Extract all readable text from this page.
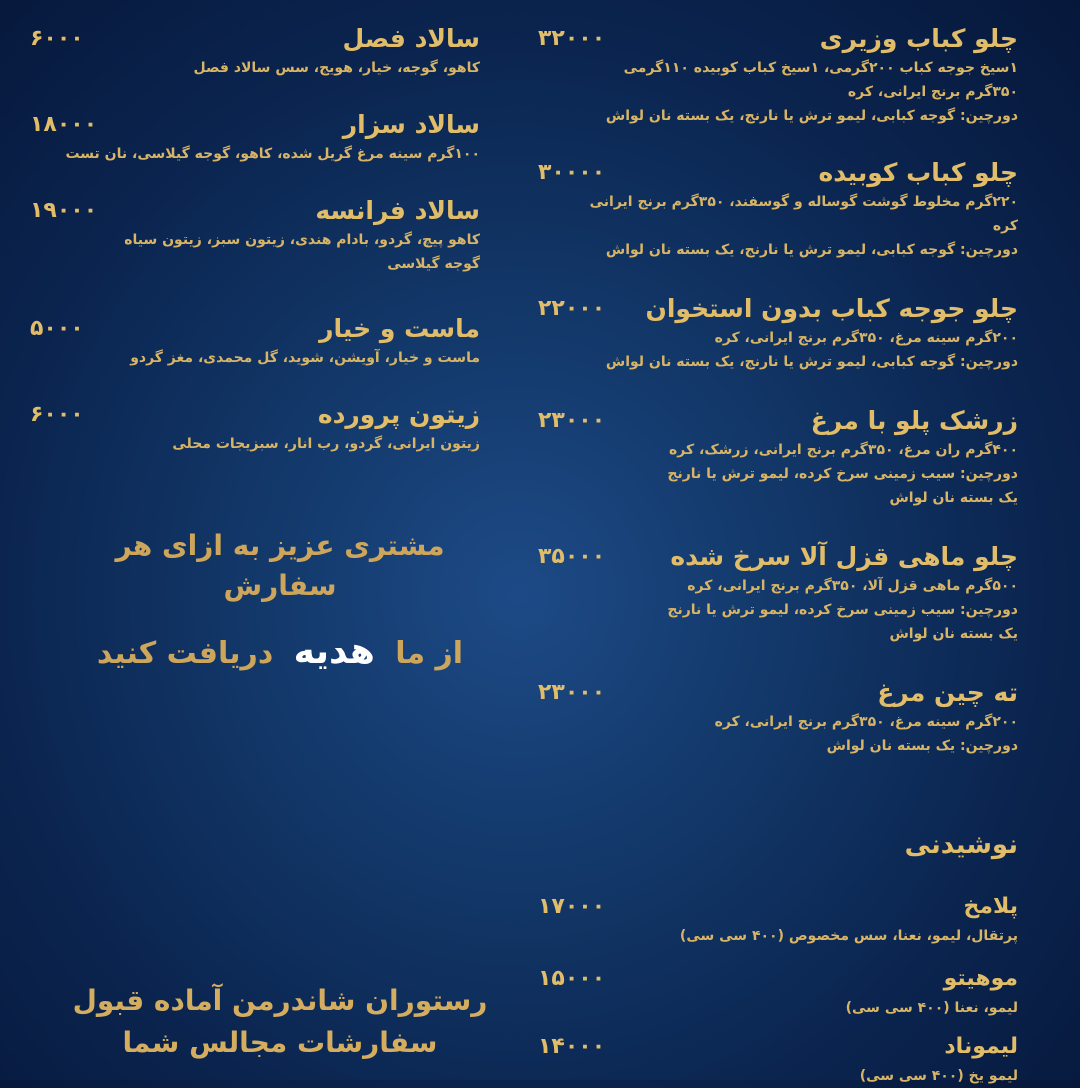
چلو کباب وزیری
۳۲۰۰۰
۱سیخ جوجه کباب ۲۰۰گرمی، ۱سیخ کباب کوبیده ۱۱۰گرمی
۳۵۰گرم برنج ایرانی، کره
دورچین: گوجه کبابی، لیمو ترش یا نارنج، یک بسته نان لواش
چلو کباب کوبیده
۳۰۰۰۰
۲۲۰گرم مخلوط گوشت گوساله و گوسفند، ۳۵۰گرم برنج ایرانی
کره
دورچین: گوجه کبابی، لیمو ترش یا نارنج، یک بسته نان لواش
چلو جوجه کباب بدون استخوان
۲۲۰۰۰
۲۰۰گرم سینه مرغ، ۳۵۰گرم برنج ایرانی، کره
دورچین: گوجه کبابی، لیمو ترش یا نارنج، یک بسته نان لواش
زرشک پلو با مرغ
۲۳۰۰۰
۴۰۰گرم ران مرغ، ۳۵۰گرم برنج ایرانی، زرشک، کره
دورچین: سیب زمینی سرخ کرده، لیمو ترش یا نارنج
یک بسته نان لواش
چلو ماهی قزل آلا سرخ شده
۳۵۰۰۰
۵۰۰گرم ماهی قزل آلا، ۳۵۰گرم برنج ایرانی، کره
دورچین: سیب زمینی سرخ کرده، لیمو ترش یا نارنج
یک بسته نان لواش
ته چین مرغ
۲۳۰۰۰
۲۰۰گرم سینه مرغ، ۳۵۰گرم برنج ایرانی، کره
دورچین: یک بسته نان لواش
نوشیدنی
پلامخ
۱۷۰۰۰
پرتقال، لیمو، نعنا، سس مخصوص (۴۰۰ سی سی)
موهیتو
۱۵۰۰۰
لیمو، نعنا (۴۰۰ سی سی)
لیموناد
۱۴۰۰۰
لیمو یخ (۴۰۰ سی سی)
سالاد فصل
۶۰۰۰
کاهو، گوجه، خیار، هویج، سس سالاد فصل
سالاد سزار
۱۸۰۰۰
۱۰۰گرم سینه مرغ گریل شده، کاهو، گوجه گیلاسی، نان تست
سالاد فرانسه
۱۹۰۰۰
کاهو پیچ، گردو، بادام هندی، زیتون سبز، زیتون سیاه
گوجه گیلاسی
ماست و خیار
۵۰۰۰
ماست و خیار، آویشن، شوید، گل محمدی، مغز گردو
زیتون پرورده
۶۰۰۰
زیتون ایرانی، گردو، رب انار، سبزیجات محلی
مشتری عزیز به ازای هر سفارش
از ما هدیه دریافت کنید
رستوران شاندرمن آماده قبول
سفارشات مجالس شما
